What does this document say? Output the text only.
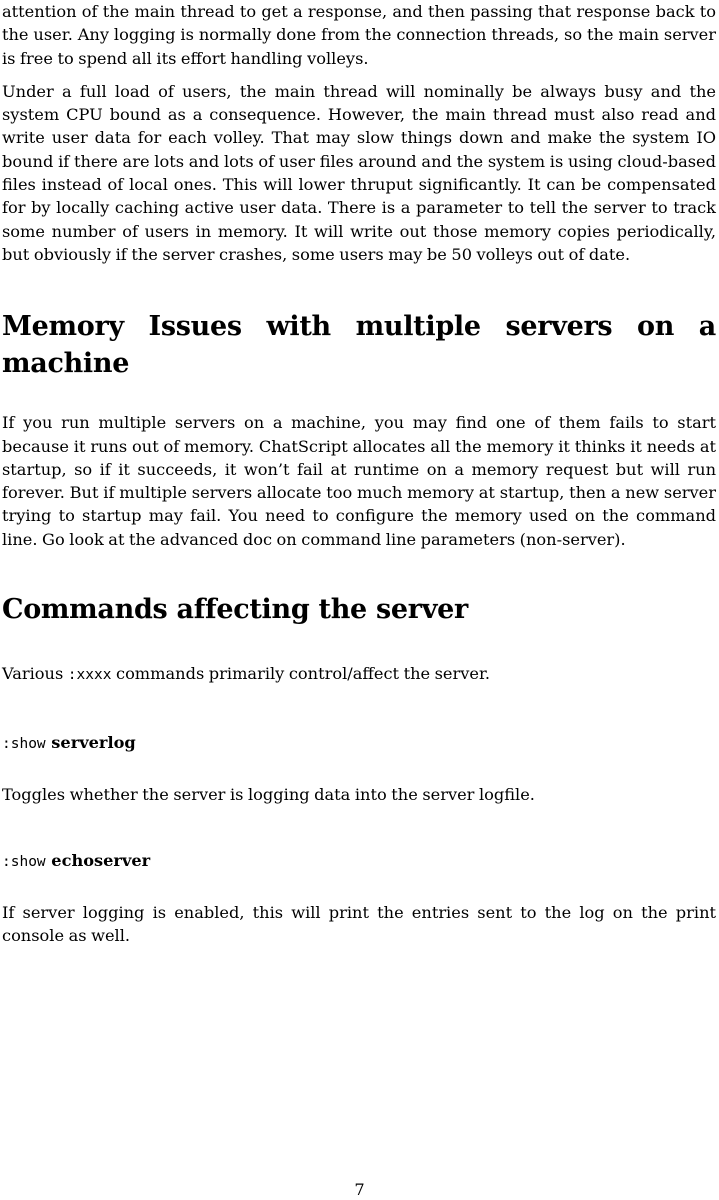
attention of the main thread to get a response, and then passing that response back to the user. Any logging is normally done from the connection threads, so the main server is free to spend all its effort handling volleys.

Under a full load of users, the main thread will nominally be always busy and the system CPU bound as a consequence. However, the main thread must also read and write user data for each volley. That may slow things down and make the system IO bound if there are lots and lots of user files around and the system is using cloud-based files instead of local ones. This will lower thruput significantly. It can be compensated for by locally caching active user data. There is a parameter to tell the server to track some number of users in memory. It will write out those memory copies periodically, but obviously if the server crashes, some users may be 50 volleys out of date.

Memory Issues with multiple servers on a machine

If you run multiple servers on a machine, you may find one of them fails to start because it runs out of memory. ChatScript allocates all the memory it thinks it needs at startup, so if it succeeds, it won’t fail at runtime on a memory request but will run forever. But if multiple servers allocate too much memory at startup, then a new server trying to startup may fail. You need to configure the memory used on the command line. Go look at the advanced doc on command line parameters (non-server).

Commands affecting the server

Various :xxxx commands primarily control/affect the server.

:show serverlog

Toggles whether the server is logging data into the server logfile.

:show echoserver

If server logging is enabled, this will print the entries sent to the log on the print console as well.

7
